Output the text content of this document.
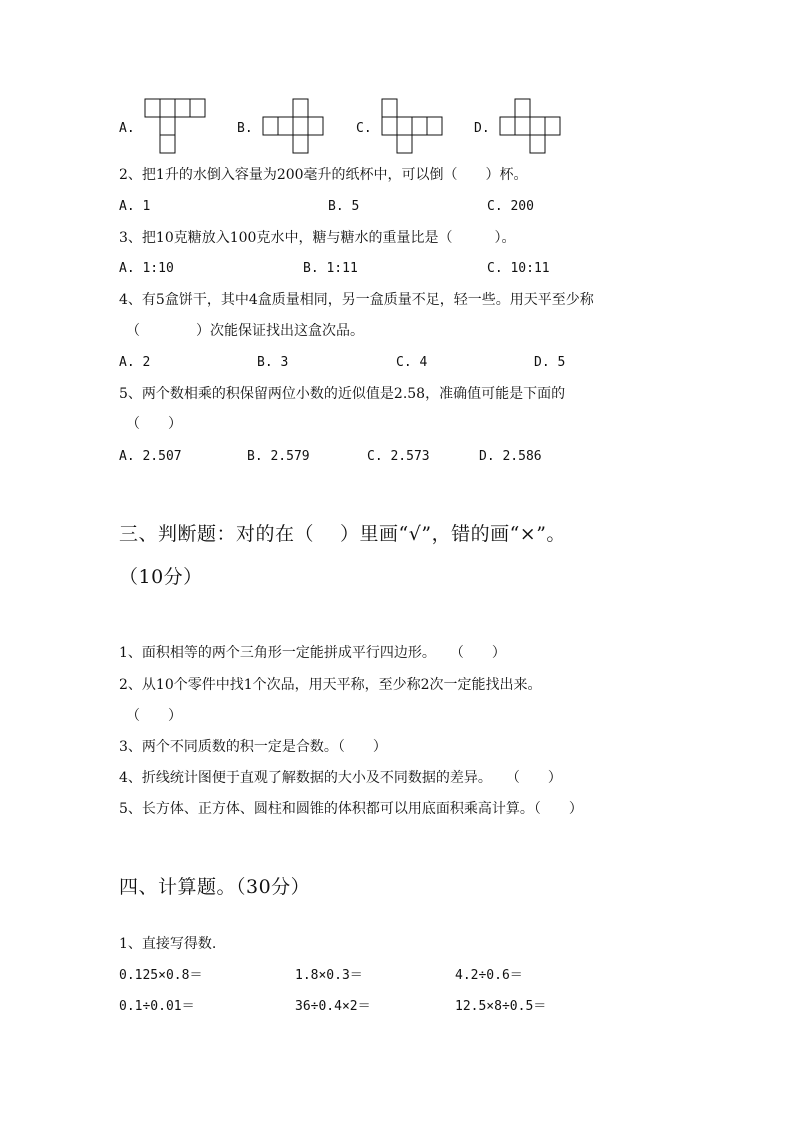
A.	B.	C.	D.
2、把1升的水倒入容量为200毫升的纸杯中，可以倒（　　）杯。
A. 1	B. 5	C. 200
3、把10克糖放入100克水中，糖与糖水的重量比是（　　　）。
A. 1:10	B. 1:11	C. 10:11
4、有5盒饼干，其中4盒质量相同，另一盒质量不足，轻一些。用天平至少称
（　　　　）次能保证找出这盒次品。
A. 2	B. 3	C. 4	D. 5
5、两个数相乘的积保留两位小数的近似值是2.58，准确值可能是下面的
（　　）
A. 2.507	B. 2.579	C. 2.573	D. 2.586
三、判断题：对的在（　 ）里画“√”，错的画“×”。
（10分）
1、面积相等的两个三角形一定能拼成平行四边形。　　（　　）
2、从10个零件中找1个次品，用天平称，至少称2次一定能找出来。
（　　）
3、两个不同质数的积一定是合数。（　　）
4、折线统计图便于直观了解数据的大小及不同数据的差异。　　（　　）
5、长方体、正方体、圆柱和圆锥的体积都可以用底面积乘高计算。（　　）
四、计算题。（30分）
1、直接写得数.
0.125×0.8＝	1.8×0.3＝	4.2÷0.6＝
0.1÷0.01＝	36÷0.4×2＝	12.5×8÷0.5＝
